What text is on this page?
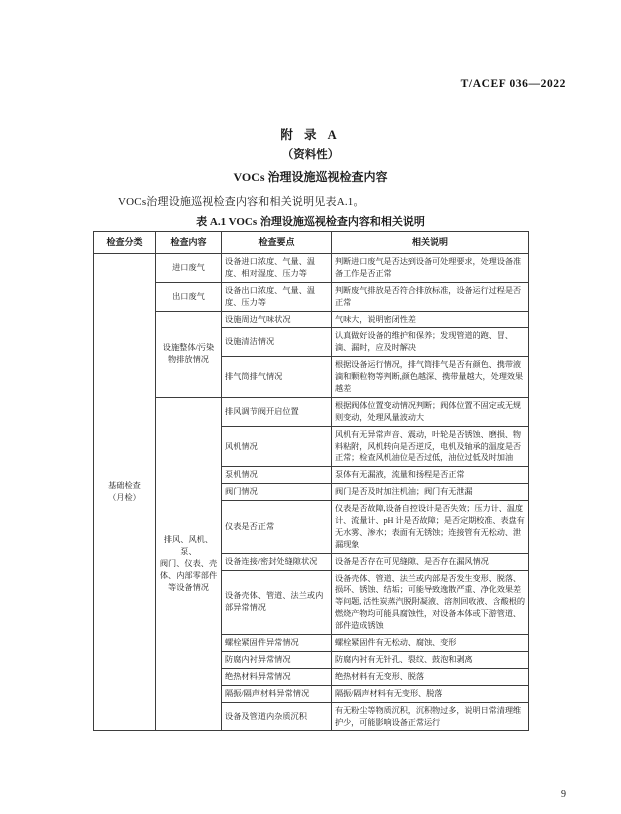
T/ACEF 036—2022
附 录 A
（资料性）
VOCs 治理设施巡视检查内容
VOCs治理设施巡视检查内容和相关说明见表A.1。
表 A.1 VOCs 治理设施巡视检查内容和相关说明
检查分类	检查内容	检查要点	相关说明

基础检查
（月检）	进口废气	设备进口浓度、气量、温度、相对湿度、压力等	判断进口废气是否达到设备可处理要求，处理设备准备工作是否正常
	出口废气	设备出口浓度、气量、温度、压力等	判断废气排放是否符合排放标准，设备运行过程是否正常

	设施整体/污染
物排放情况	设施周边气味状况	气味大，说明密闭性差
		设施清洁情况	认真做好设备的维护和保养；发现管道的跑、冒、滴、漏时，应及时解决
		排气筒排气情况	根据设备运行情况，排气筒排气是否有颜色、携带液滴和颗粒物等判断,颜色越深、携带量越大，处理效果越差

	排风、风机、泵、
阀门、仪表、壳
体、内部零部件
等设备情况	排风调节阀开启位置	根据阀体位置变动情况判断；阀体位置不固定或无规则变动，处理风量波动大
		风机情况	风机有无异常声音、震动，叶轮是否锈蚀、磨损、物料粘附，风机转向是否逆反，电机及轴承的温度是否正常；检查风机油位是否过低，油位过低及时加油
		泵机情况	泵体有无漏液，流量和扬程是否正常
		阀门情况	阀门是否及时加注机油；阀门有无泄漏
		仪表是否正常	仪表是否故障,设备自控设计是否失效；压力计、温度计、流量计、pH 计是否故障；是否定期校准、表盘有无水雾、渗水；表面有无锈蚀；连接管有无松动、泄漏现象
		设备连接/密封处缝隙状况	设备是否存在可见缝隙、是否存在漏风情况
		设备壳体、管道、法兰或内部异常情况	设备壳体、管道、法兰或内部是否发生变形、脱落、损坏、锈蚀、结垢；可能导致逸散严重、净化效果差等问题, 活性炭蒸汽脱附凝液、溶剂回收液、含酸根的燃烧产物均可能具腐蚀性，对设备本体或下游管道、部件造成锈蚀
		螺栓紧固件异常情况	螺栓紧固件有无松动、腐蚀、变形
		防腐内衬异常情况	防腐内衬有无针孔、裂纹、鼓泡和剥离
		绝热材料异常情况	绝热材料有无变形、脱落
		隔振/隔声材料异常情况	隔振/隔声材料有无变形、脱落
		设备及管道内杂质沉积	有无粉尘等物质沉积，沉积物过多，说明日常清理维护少，可能影响设备正常运行
9
